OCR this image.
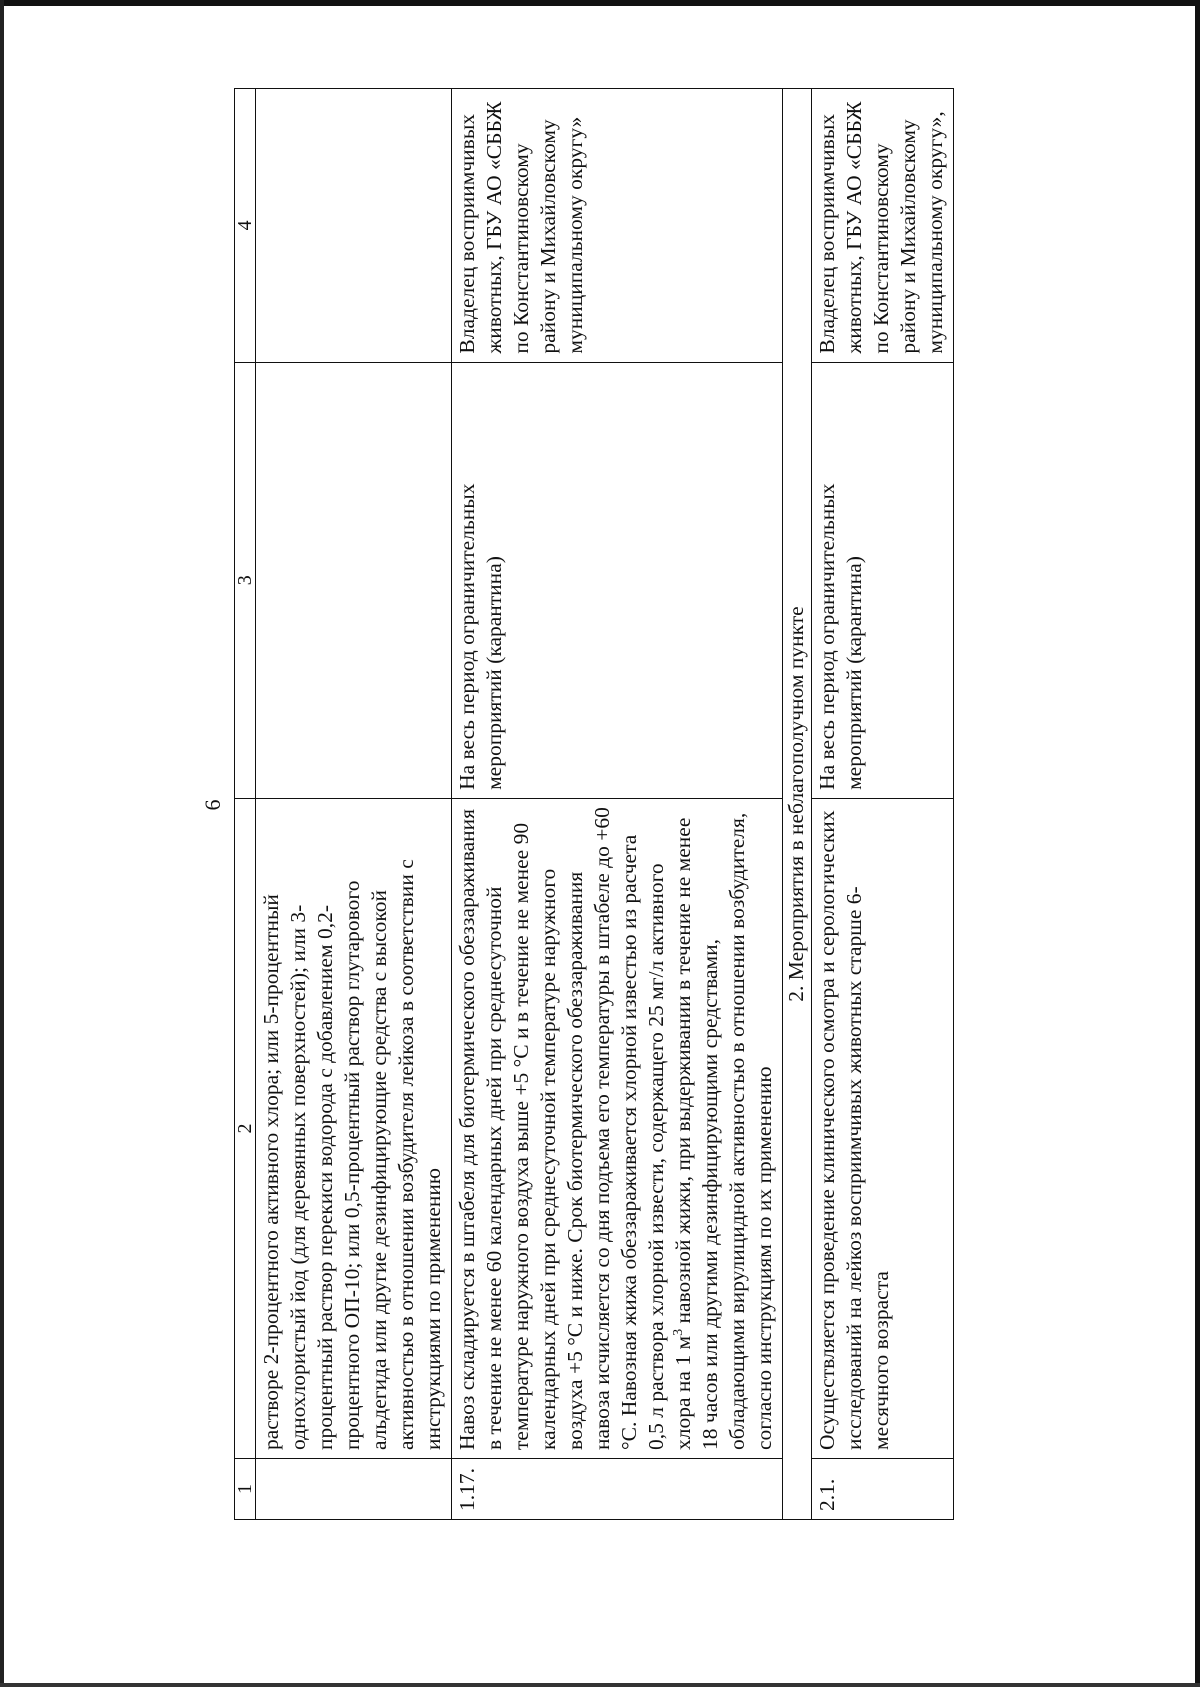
6
1	2	3	4
	растворе 2-процентного активного хлора; или 5-процентный однохлористый йод (для деревянных поверхностей); или 3-процентный раствор перекиси водорода с добавлением 0,2-процентного ОП-10; или 0,5-процентный раствор глутарового альдегида или другие дезинфицирующие средства с высокой активностью в отношении возбудителя лейкоза в соответствии с инструкциями по применению		
1.17.	Навоз складируется в штабеля для биотермического обеззараживания в течение не менее 60 календарных дней при среднесуточной температуре наружного воздуха выше +5 °С и в течение не менее 90 календарных дней при среднесуточной температуре наружного воздуха +5 °С и ниже. Срок биотермического обеззараживания навоза исчисляется со дня подъема его температуры в штабеле до +60 °С. Навозная жижа обеззараживается хлорной известью из расчета 0,5 л раствора хлорной извести, содержащего 25 мг/л активного хлора на 1 $м^3$ навозной жижи, при выдерживании в течение не менее 18 часов или другими дезинфицирующими средствами, обладающими вирулицидной активностью в отношении возбудителя, согласно инструкциям по их применению	На весь период ограничительных мероприятий (карантина)	Владелец восприимчивых животных, ГБУ АО «СББЖ по Константиновскому району и Михайловскому муниципальному округу»
2. Мероприятия в неблагополучном пункте			
2.1.	Осуществляется проведение клинического осмотра и серологических исследований на лейкоз восприимчивых животных старше 6-месячного возраста	На весь период ограничительных мероприятий (карантина)	Владелец восприимчивых животных, ГБУ АО «СББЖ по Константиновскому району и Михайловскому муниципальному округу»,
